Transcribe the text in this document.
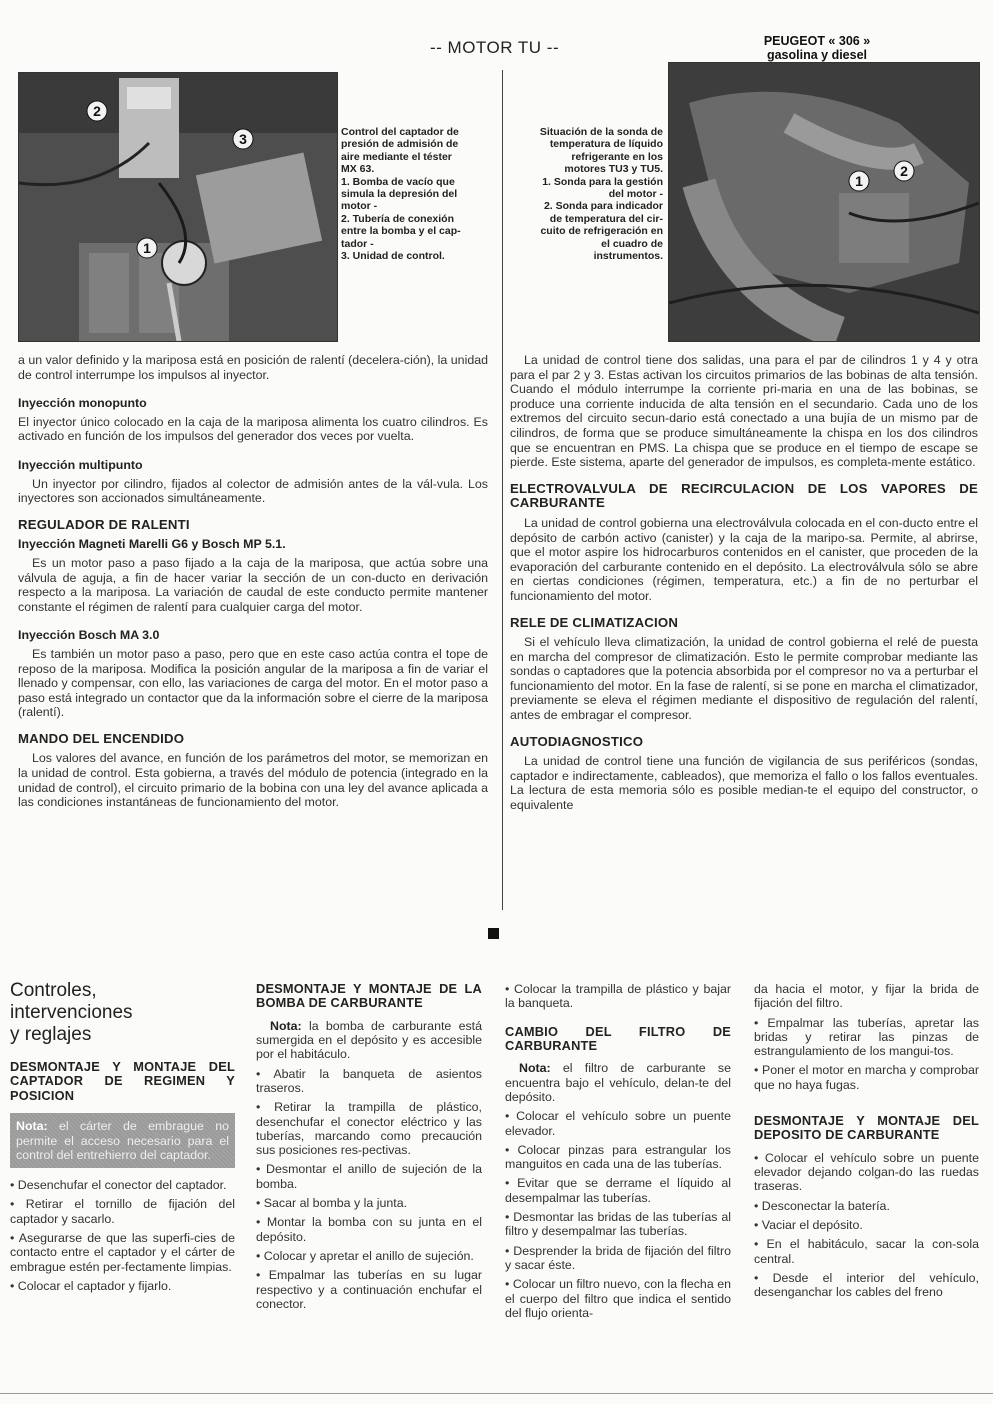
-- MOTOR TU --	PEUGEOT « 306 »
gasolina y diesel
2
3
1
Control del captador de
presión de admisión de
aire mediante el téster
MX 63.
1. Bomba de vacío que
simula la depresión del
motor -
2. Tubería de conexión
entre la bomba y el cap-
tador -
3. Unidad de control.
Situación de la sonda de
temperatura de líquido
refrigerante en los
motores TU3 y TU5.
1. Sonda para la gestión
del motor -
2. Sonda para indicador
de temperatura del cir-
cuito de refrigeración en
el cuadro de
instrumentos.
1
2

a un valor definido y la mariposa está en posición de ralentí (decelera-ción), la unidad de control interrumpe los impulsos al inyector.

Inyección monopunto

El inyector único colocado en la caja de la mariposa alimenta los cuatro cilindros. Es activado en función de los impulsos del generador dos veces por vuelta.

Inyección multipunto

Un inyector por cilindro, fijados al colector de admisión antes de la vál-vula. Los inyectores son accionados simultáneamente.

REGULADOR DE RALENTI
Inyección Magneti Marelli G6 y Bosch MP 5.1.

Es un motor paso a paso fijado a la caja de la mariposa, que actúa sobre una válvula de aguja, a fin de hacer variar la sección de un con-ducto en derivación respecto a la mariposa. La variación de caudal de este conducto permite mantener constante el régimen de ralentí para cualquier carga del motor.

Inyección Bosch MA 3.0

Es también un motor paso a paso, pero que en este caso actúa contra el tope de reposo de la mariposa. Modifica la posición angular de la mariposa a fin de variar el llenado y compensar, con ello, las variaciones de carga del motor. En el motor paso a paso está integrado un contactor que da la información sobre el cierre de la mariposa (ralentí).

MANDO DEL ENCENDIDO

Los valores del avance, en función de los parámetros del motor, se memorizan en la unidad de control. Esta gobierna, a través del módulo de potencia (integrado en la unidad de control), el circuito primario de la bobina con una ley del avance aplicada a las condiciones instantáneas de funcionamiento del motor.

La unidad de control tiene dos salidas, una para el par de cilindros 1 y 4 y otra para el par 2 y 3. Estas activan los circuitos primarios de las bobinas de alta tensión. Cuando el módulo interrumpe la corriente pri-maria en una de las bobinas, se produce una corriente inducida de alta tensión en el secundario. Cada uno de los extremos del circuito secun-dario está conectado a una bujía de un mismo par de cilindros, de forma que se produce simultáneamente la chispa en los dos cilindros que se encuentran en PMS. La chispa que se produce en el tiempo de escape se pierde. Este sistema, aparte del generador de impulsos, es completa-mente estático.

ELECTROVALVULA DE RECIRCULACION DE LOS VAPORES DE CARBURANTE

La unidad de control gobierna una electroválvula colocada en el con-ducto entre el depósito de carbón activo (canister) y la caja de la maripo-sa. Permite, al abrirse, que el motor aspire los hidrocarburos contenidos en el canister, que proceden de la evaporación del carburante contenido en el depósito. La electroválvula sólo se abre en ciertas condiciones (régimen, temperatura, etc.) a fin de no perturbar el funcionamiento del motor.

RELE DE CLIMATIZACION

Si el vehículo lleva climatización, la unidad de control gobierna el relé de puesta en marcha del compresor de climatización. Esto le permite comprobar mediante las sondas o captadores que la potencia absorbida por el compresor no va a perturbar el funcionamiento del motor. En la fase de ralentí, si se pone en marcha el climatizador, previamente se eleva el régimen mediante el dispositivo de regulación del ralentí, antes de embragar el compresor.

AUTODIAGNOSTICO

La unidad de control tiene una función de vigilancia de sus periféricos (sondas, captador e indirectamente, cableados), que memoriza el fallo o los fallos eventuales. La lectura de esta memoria sólo es posible median-te el equipo del constructor, o equivalente

Controles,
intervenciones
y reglajes
DESMONTAJE Y MONTAJE DEL CAPTADOR DE REGIMEN Y POSICION
Nota: el cárter de embrague no permite el acceso necesario para el control del entrehierro del captador.

• Desenchufar el conector del captador.

• Retirar el tornillo de fijación del captador y sacarlo.

• Asegurarse de que las superfi-cies de contacto entre el captador y el cárter de embrague estén per-fectamente limpias.

• Colocar el captador y fijarlo.

DESMONTAJE Y MONTAJE DE LA BOMBA DE CARBURANTE

Nota: la bomba de carburante está sumergida en el depósito y es accesible por el habitáculo.

• Abatir la banqueta de asientos traseros.

• Retirar la trampilla de plástico, desenchufar el conector eléctrico y las tuberías, marcando como precaución sus posiciones res-pectivas.

• Desmontar el anillo de sujeción de la bomba.

• Sacar al bomba y la junta.

• Montar la bomba con su junta en el depósito.

• Colocar y apretar el anillo de sujeción.

• Empalmar las tuberías en su lugar respectivo y a continuación enchufar el conector.

• Colocar la trampilla de plástico y bajar la banqueta.

CAMBIO DEL FILTRO DE CARBURANTE

Nota: el filtro de carburante se encuentra bajo el vehículo, delan-te del depósito.

• Colocar el vehículo sobre un puente elevador.

• Colocar pinzas para estrangular los manguitos en cada una de las tuberías.

• Evitar que se derrame el líquido al desempalmar las tuberías.

• Desmontar las bridas de las tuberías al filtro y desempalmar las tuberías.

• Desprender la brida de fijación del filtro y sacar éste.

• Colocar un filtro nuevo, con la flecha en el cuerpo del filtro que indica el sentido del flujo orienta-

da hacia el motor, y fijar la brida de fijación del filtro.

• Empalmar las tuberías, apretar las bridas y retirar las pinzas de estrangulamiento de los mangui-tos.

• Poner el motor en marcha y comprobar que no haya fugas.

DESMONTAJE Y MONTAJE DEL DEPOSITO DE CARBURANTE

• Colocar el vehículo sobre un puente elevador dejando colgan-do las ruedas traseras.

• Desconectar la batería.

• Vaciar el depósito.

• En el habitáculo, sacar la con-sola central.

• Desde el interior del vehículo, desenganchar los cables del freno
